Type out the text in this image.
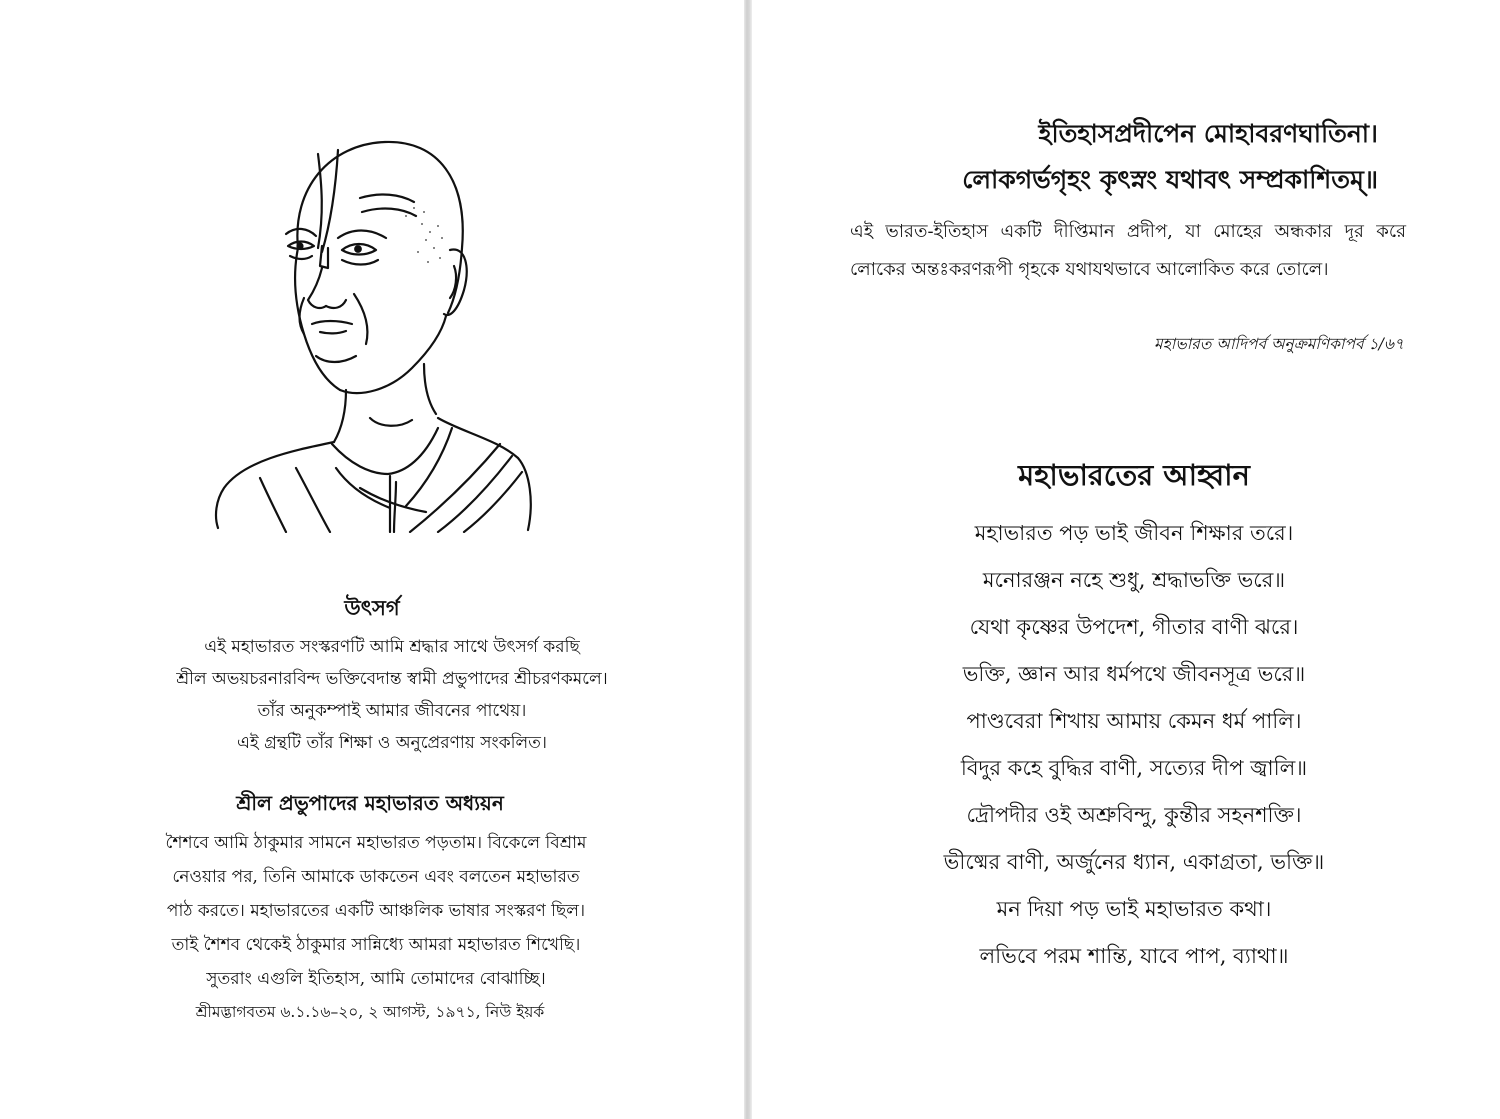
উৎসর্গ
এই মহাভারত সংস্করণটি আমি শ্রদ্ধার সাথে উৎসর্গ করছি
শ্রীল অভয়চরনারবিন্দ ভক্তিবেদান্ত স্বামী প্রভুপাদের শ্রীচরণকমলে।
তাঁর অনুকম্পাই আমার জীবনের পাথেয়।
এই গ্রন্থটি তাঁর শিক্ষা ও অনুপ্রেরণায় সংকলিত।
শ্রীল প্রভুপাদের মহাভারত অধ্যয়ন
শৈশবে আমি ঠাকুমার সামনে মহাভারত পড়তাম। বিকেলে বিশ্রাম
নেওয়ার পর, তিনি আমাকে ডাকতেন এবং বলতেন মহাভারত
পাঠ করতে। মহাভারতের একটি আঞ্চলিক ভাষার সংস্করণ ছিল।
তাই শৈশব থেকেই ঠাকুমার সান্নিধ্যে আমরা মহাভারত শিখেছি।
সুতরাং এগুলি ইতিহাস, আমি তোমাদের বোঝাচ্ছি।
শ্রীমদ্ভাগবতম ৬.১.১৬–২০, ২ আগস্ট, ১৯৭১, নিউ ইয়র্ক
ইতিহাসপ্রদীপেন মোহাবরণঘাতিনা।
লোকগর্ভগৃহং কৃৎস্নং যথাবৎ সম্প্রকাশিতম্॥
এই ভারত-ইতিহাস একটি দীপ্তিমান প্রদীপ, যা মোহের অন্ধকার দূর করে লোকের অন্তঃকরণরূপী গৃহকে যথাযথভাবে আলোকিত করে তোলে।
মহাভারত আদিপর্ব অনুক্রমণিকাপর্ব ১/৬৭
মহাভারতের আহ্বান
মহাভারত পড় ভাই জীবন শিক্ষার তরে।
মনোরঞ্জন নহে শুধু, শ্রদ্ধাভক্তি ভরে॥
যেথা কৃষ্ণের উপদেশ, গীতার বাণী ঝরে।
ভক্তি, জ্ঞান আর ধর্মপথে জীবনসূত্র ভরে॥
পাণ্ডবেরা শিখায় আমায় কেমন ধর্ম পালি।
বিদুর কহে বুদ্ধির বাণী, সত্যের দীপ জ্বালি॥
দ্রৌপদীর ওই অশ্রুবিন্দু, কুন্তীর সহনশক্তি।
ভীষ্মের বাণী, অর্জুনের ধ্যান, একাগ্রতা, ভক্তি॥
মন দিয়া পড় ভাই মহাভারত কথা।
লভিবে পরম শান্তি, যাবে পাপ, ব্যাথা॥
